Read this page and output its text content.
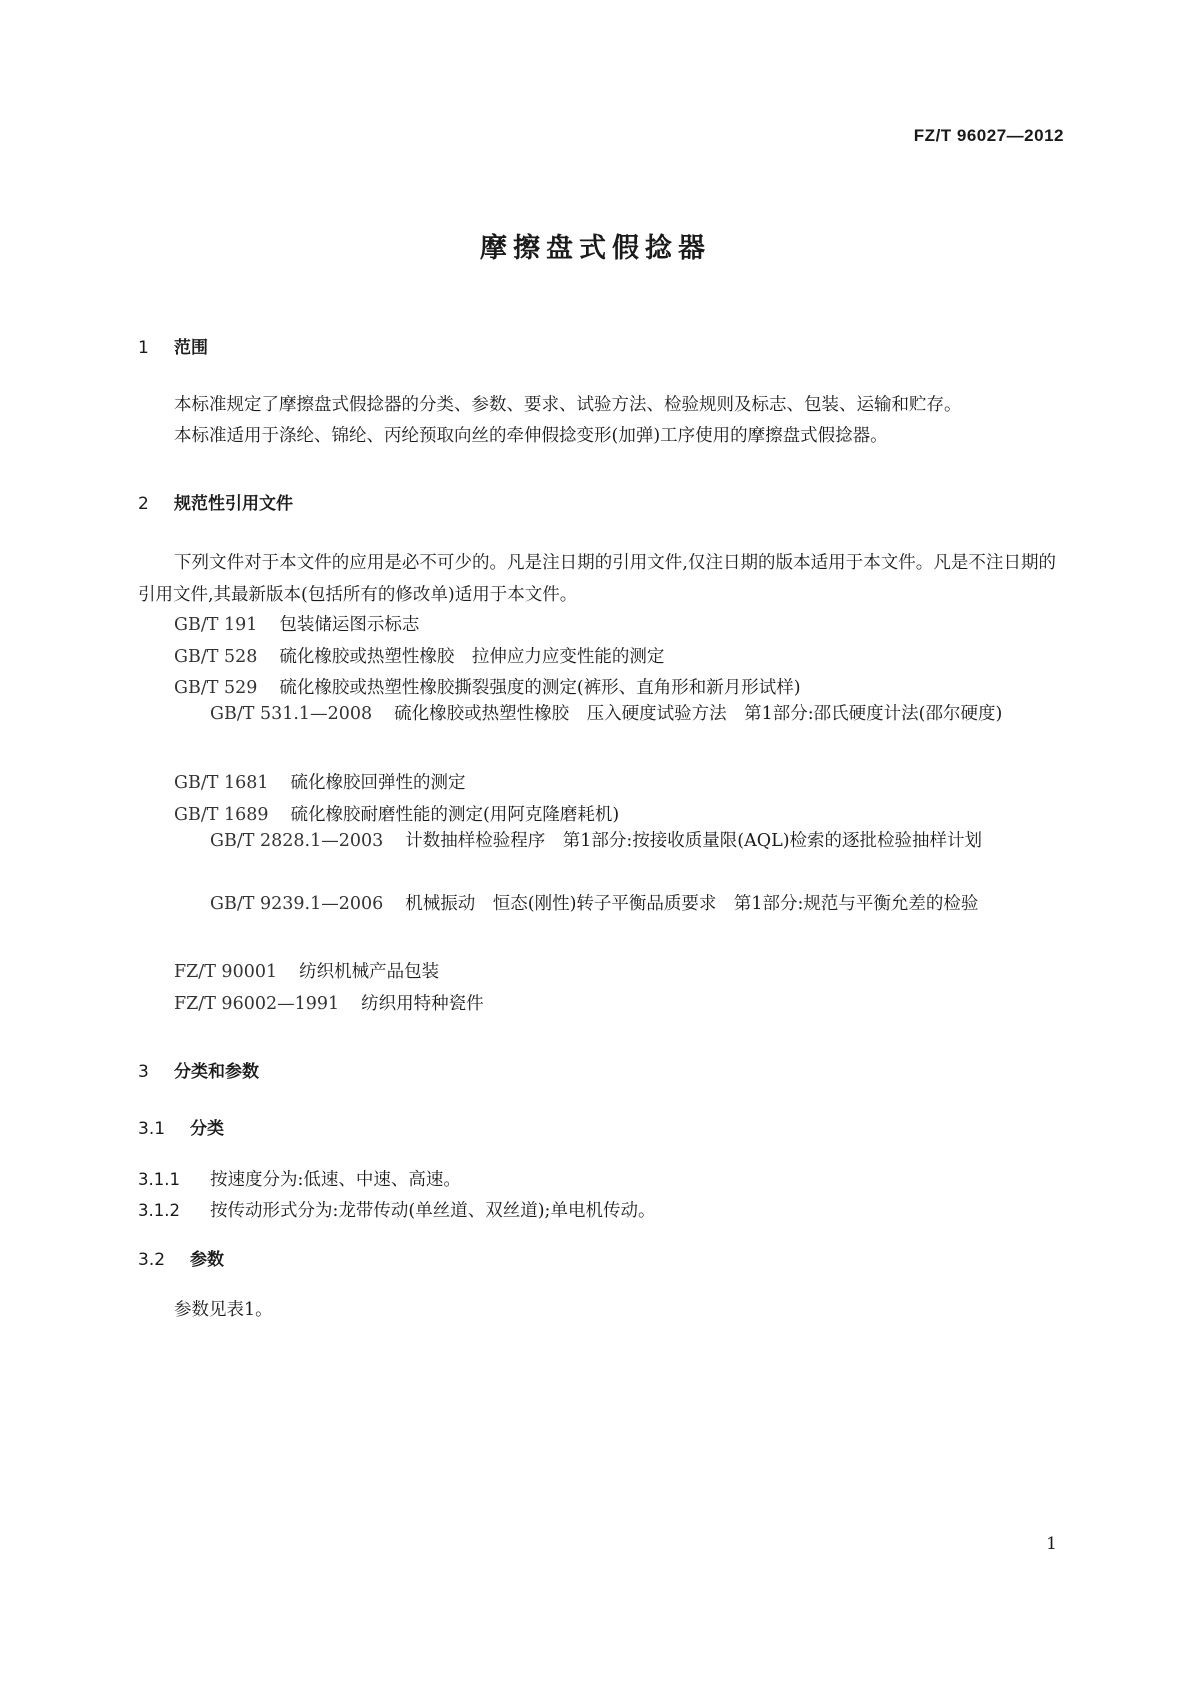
FZ/T 96027—2012
摩擦盘式假捻器
1 范围
本标准规定了摩擦盘式假捻器的分类、参数、要求、试验方法、检验规则及标志、包装、运输和贮存。
本标准适用于涤纶、锦纶、丙纶预取向丝的牵伸假捻变形(加弹)工序使用的摩擦盘式假捻器。
2 规范性引用文件
下列文件对于本文件的应用是必不可少的。凡是注日期的引用文件,仅注日期的版本适用于本文件。凡是不注日期的引用文件,其最新版本(包括所有的修改单)适用于本文件。
GB/T 191 包装储运图示标志
GB/T 528 硫化橡胶或热塑性橡胶　拉伸应力应变性能的测定
GB/T 529 硫化橡胶或热塑性橡胶撕裂强度的测定(裤形、直角形和新月形试样)
GB/T 531.1—2008 硫化橡胶或热塑性橡胶　压入硬度试验方法　第1部分:邵氏硬度计法(邵尔硬度)
GB/T 1681 硫化橡胶回弹性的测定
GB/T 1689 硫化橡胶耐磨性能的测定(用阿克隆磨耗机)
GB/T 2828.1—2003 计数抽样检验程序　第1部分:按接收质量限(AQL)检索的逐批检验抽样计划
GB/T 9239.1—2006 机械振动　恒态(刚性)转子平衡品质要求　第1部分:规范与平衡允差的检验
FZ/T 90001 纺织机械产品包装
FZ/T 96002—1991 纺织用特种瓷件
3 分类和参数
3.1 分类
3.1.1 按速度分为:低速、中速、高速。
3.1.2 按传动形式分为:龙带传动(单丝道、双丝道);单电机传动。
3.2 参数
参数见表1。
1
